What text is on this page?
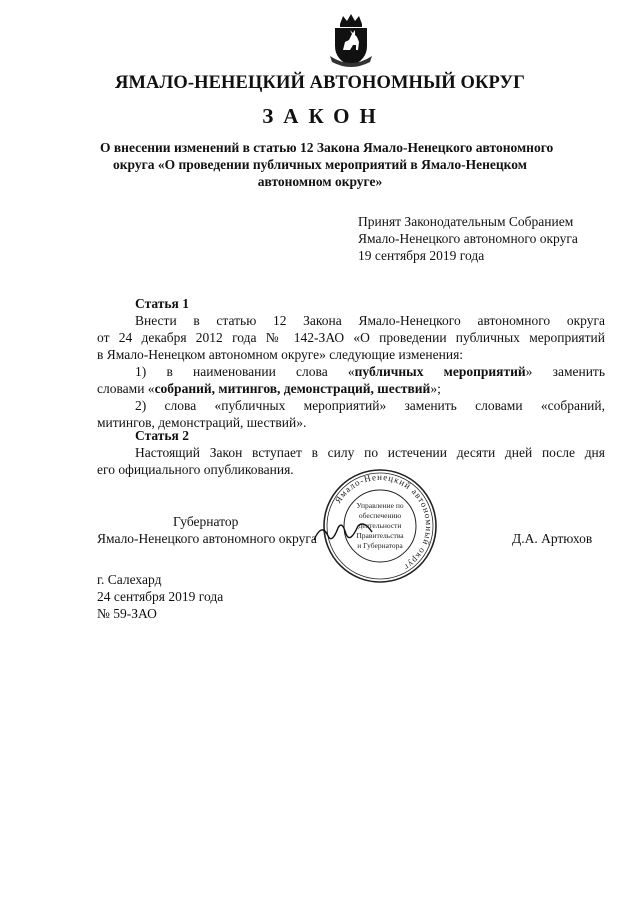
ЯМАЛО-НЕНЕЦКИЙ АВТОНОМНЫЙ ОКРУГ
ЗАКОН
О внесении изменений в статью 12 Закона Ямало-Ненецкого автономного
округа «О проведении публичных мероприятий в Ямало-Ненецком
автономном округе»
Принят Законодательным Собранием
Ямало-Ненецкого автономного округа
19 сентября 2019 года
Статья 1
Внести в статью 12 Закона Ямало-Ненецкого автономного округа
от 24 декабря 2012 года № 142-ЗАО «О проведении публичных мероприятий
в Ямало-Ненецком автономном округе» следующие изменения:
1) в наименовании слова «публичных мероприятий» заменить
словами «собраний, митингов, демонстраций, шествий»;
2) слова «публичных мероприятий» заменить словами «собраний,
митингов, демонстраций, шествий».
Статья 2
Настоящий Закон вступает в силу по истечении десяти дней после дня
его официального опубликования.
Ямало-Ненецкий автономный округ
Управление по
обеспечению
деятельности
Правительства
и Губернатора
Губернатор
Ямало-Ненецкого автономного округа	Д.А. Артюхов
г. Салехард
24 сентября 2019 года
№ 59-ЗАО
